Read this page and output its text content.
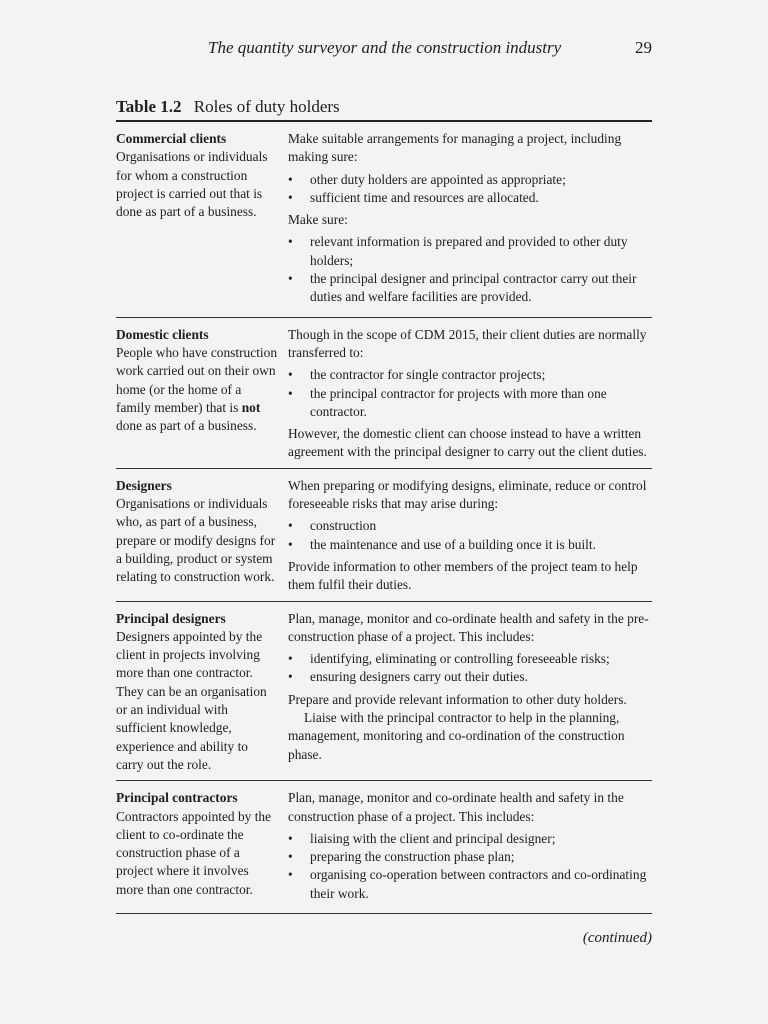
The quantity surveyor and the construction industry	29
Table 1.2 Roles of duty holders
Commercial clients
Organisations or individuals for whom a construction project is carried out that is done as part of a business.

Make suitable arrangements for managing a project, including making sure:

• other duty holders are appointed as appropriate;
• sufficient time and resources are allocated.

Make sure:

• relevant information is prepared and provided to other duty holders;
• the principal designer and principal contractor carry out their duties and welfare facilities are provided.
Domestic clients
People who have construction work carried out on their own home (or the home of a family member) that is not done as part of a business.

Though in the scope of CDM 2015, their client duties are normally transferred to:

• the contractor for single contractor projects;
• the principal contractor for projects with more than one contractor.

However, the domestic client can choose instead to have a written agreement with the principal designer to carry out the client duties.

Designers
Organisations or individuals who, as part of a business, prepare or modify designs for a building, product or system relating to construction work.

When preparing or modifying designs, eliminate, reduce or control foreseeable risks that may arise during:

• construction
• the maintenance and use of a building once it is built.

Provide information to other members of the project team to help them fulfil their duties.

Principal designers
Designers appointed by the client in projects involving more than one contractor. They can be an organisation or an individual with sufficient knowledge, experience and ability to carry out the role.

Plan, manage, monitor and co-ordinate health and safety in the pre-construction phase of a project. This includes:

• identifying, eliminating or controlling foreseeable risks;
• ensuring designers carry out their duties.

Prepare and provide relevant information to other duty holders.

Liaise with the principal contractor to help in the planning, management, monitoring and co-ordination of the construction phase.

Principal contractors
Contractors appointed by the client to co-ordinate the construction phase of a project where it involves more than one contractor.

Plan, manage, monitor and co-ordinate health and safety in the construction phase of a project. This includes:

• liaising with the client and principal designer;
• preparing the construction phase plan;
• organising co-operation between contractors and co-ordinating their work.
(continued)
